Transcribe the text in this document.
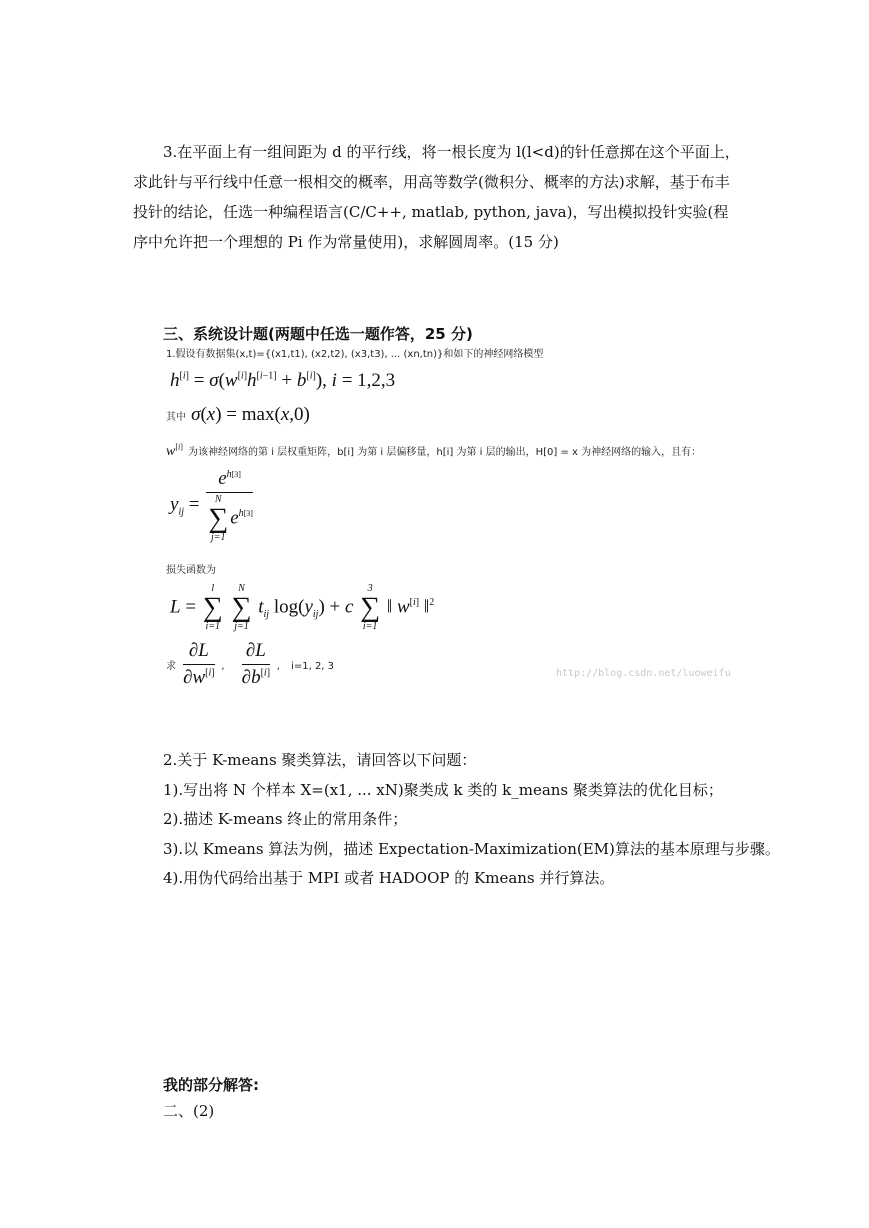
3.在平面上有一组间距为 d 的平行线，将一根长度为 l(l<d)的针任意掷在这个平面上，
求此针与平行线中任意一根相交的概率，用高等数学(微积分、概率的方法)求解，基于布丰
投针的结论，任选一种编程语言(C/C++, matlab, python, java)，写出模拟投针实验(程
序中允许把一个理想的 Pi 作为常量使用)，求解圆周率。(15 分)
三、系统设计题(两题中任选一题作答，25 分)
1.假设有数据集(x,t)={(x1,t1), (x2,t2), (x3,t3), ... (xn,tn)}和如下的神经网络模型
h[i] = σ(w[i]h[i−1] + b[i]), i = 1,2,3
其中 σ(x) = max(x,0)
w[i] 为该神经网络的第 i 层权重矩阵，b[i] 为第 i 层偏移量，h[i] 为第 i 层的输出，H[0] = x 为神经网络的输入，且有：
$y_{ij} = e^{h[3]}$
N
∑
j=1
$e^{h[3]}$
损失函数为
L =
l
∑
i=1

N
∑
j=1
$t_{ij}$ $\log(y_{ij}) + c$
3
∑
i=1
‖ w[i] ‖$^2$
求 $\frac{\partial L}{\partial w^{[i]}}$ , $\frac{\partial L}{\partial b^{[i]}}$ , i=1, 2, 3
http://blog.csdn.net/luoweifu
2.关于 K-means 聚类算法，请回答以下问题：
1).写出将 N 个样本 X=(x1, ... xN)聚类成 k 类的 k_means 聚类算法的优化目标；
2).描述 K-means 终止的常用条件；
3).以 Kmeans 算法为例，描述 Expectation-Maximization(EM)算法的基本原理与步骤。
4).用伪代码给出基于 MPI 或者 HADOOP 的 Kmeans 并行算法。
我的部分解答:
二、(2)
